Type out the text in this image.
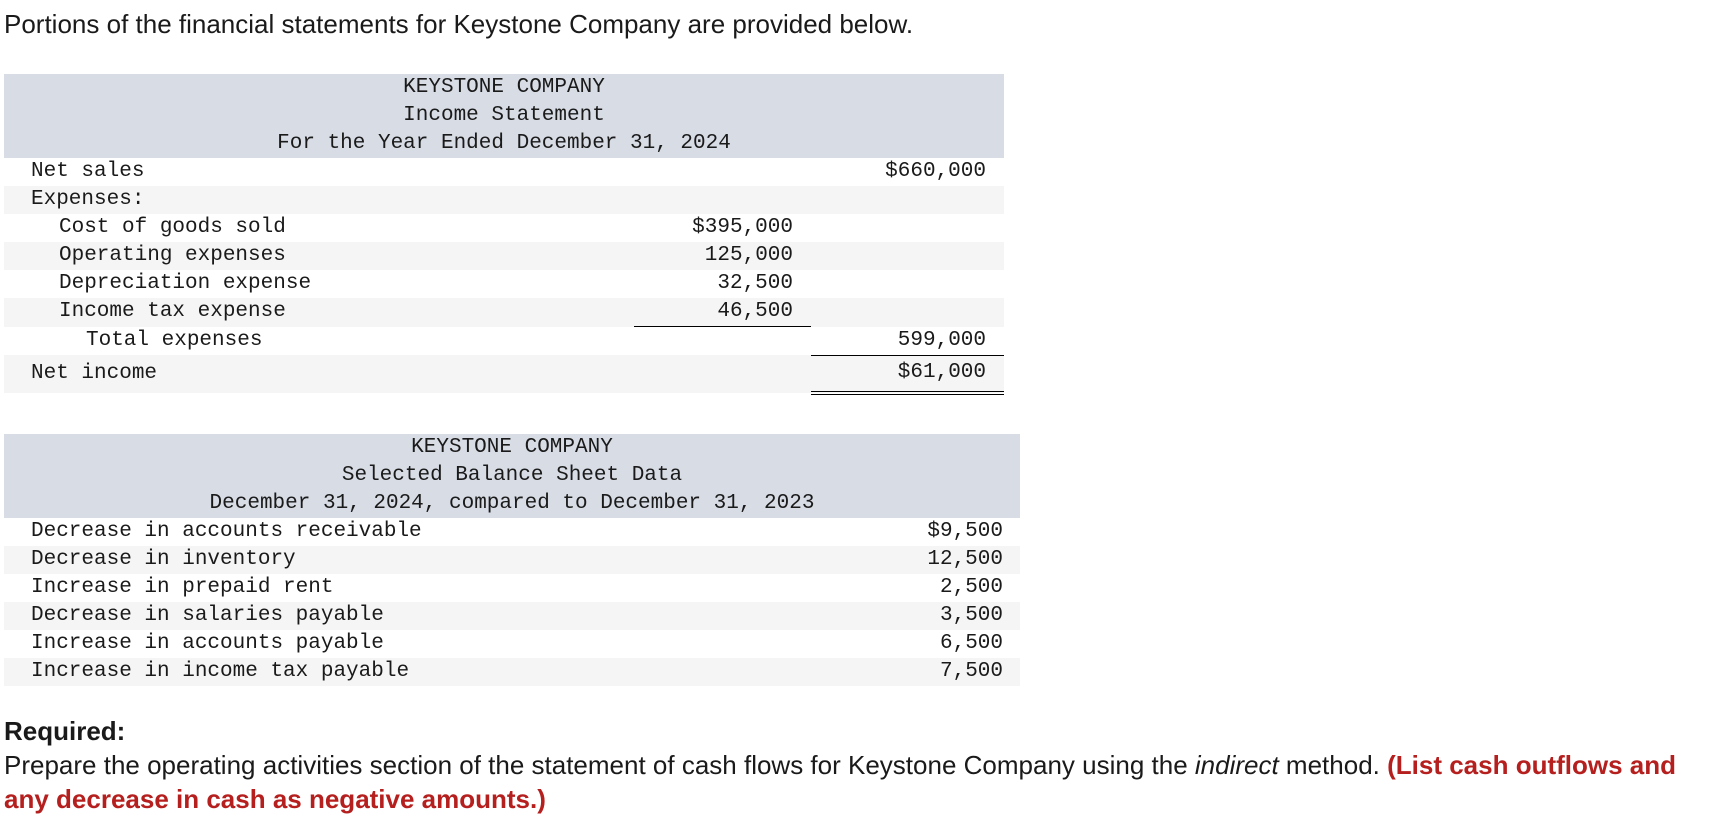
Portions of the financial statements for Keystone Company are provided below.
KEYSTONE COMPANY		
Income Statement		
For the Year Ended December 31, 2024		
Net sales		$660,000
Expenses:		
Cost of goods sold	$395,000	
Operating expenses	125,000	
Depreciation expense	32,500	
Income tax expense	46,500	
Total expenses		599,000
Net income		$61,000
KEYSTONE COMPANY	
Selected Balance Sheet Data	
December 31, 2024, compared to December 31, 2023	
Decrease in accounts receivable	$9,500
Decrease in inventory	12,500
Increase in prepaid rent	2,500
Decrease in salaries payable	3,500
Increase in accounts payable	6,500
Increase in income tax payable	7,500
Required:
Prepare the operating activities section of the statement of cash flows for Keystone Company using the indirect method. (List cash outflows and any decrease in cash as negative amounts.)
